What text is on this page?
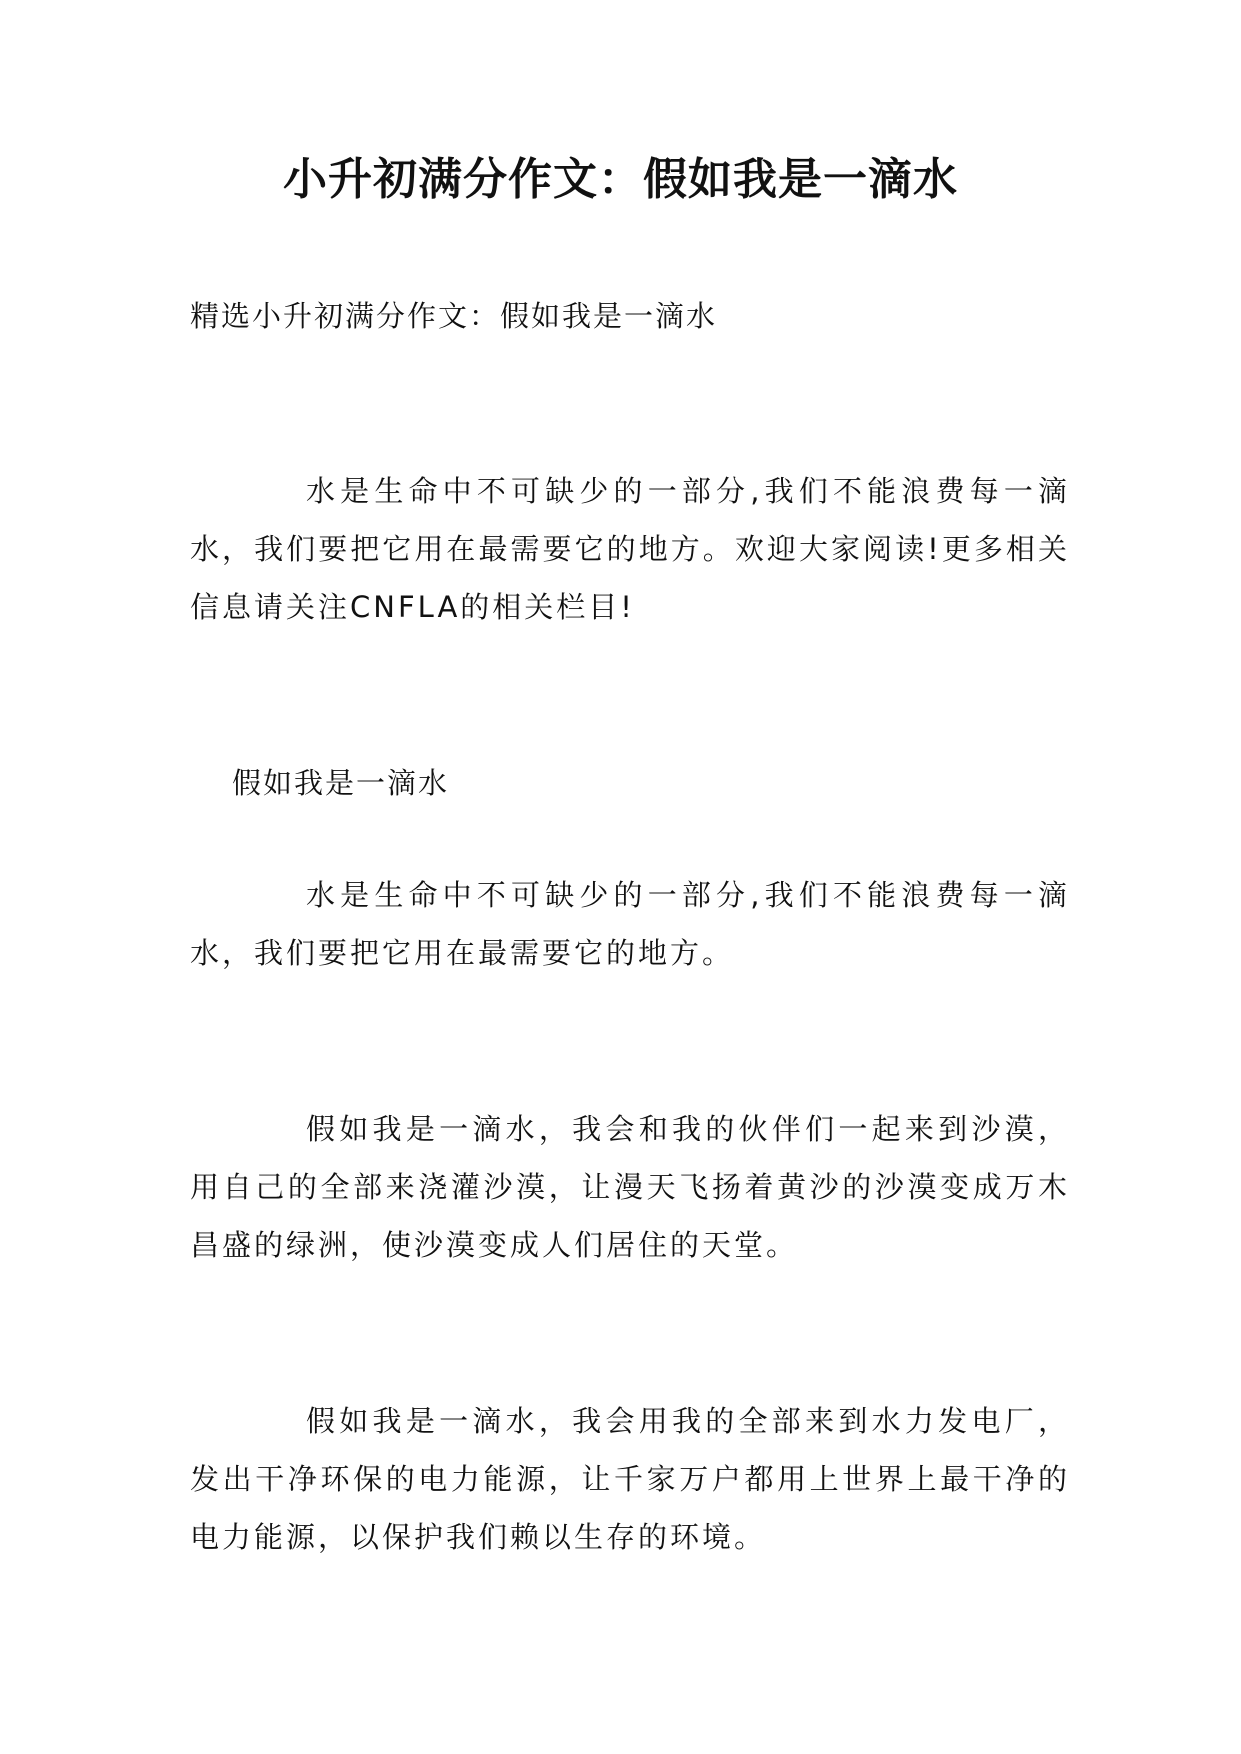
小升初满分作文：假如我是一滴水

精选小升初满分作文：假如我是一滴水

水是生命中不可缺少的一部分,我们不能浪费每一滴水，我们要把它用在最需要它的地方。欢迎大家阅读!更多相关信息请关注CNFLA的相关栏目!

假如我是一滴水

水是生命中不可缺少的一部分,我们不能浪费每一滴水，我们要把它用在最需要它的地方。

假如我是一滴水，我会和我的伙伴们一起来到沙漠，用自己的全部来浇灌沙漠，让漫天飞扬着黄沙的沙漠变成万木昌盛的绿洲，使沙漠变成人们居住的天堂。

假如我是一滴水，我会用我的全部来到水力发电厂，发出干净环保的电力能源，让千家万户都用上世界上最干净的电力能源，以保护我们赖以生存的环境。
